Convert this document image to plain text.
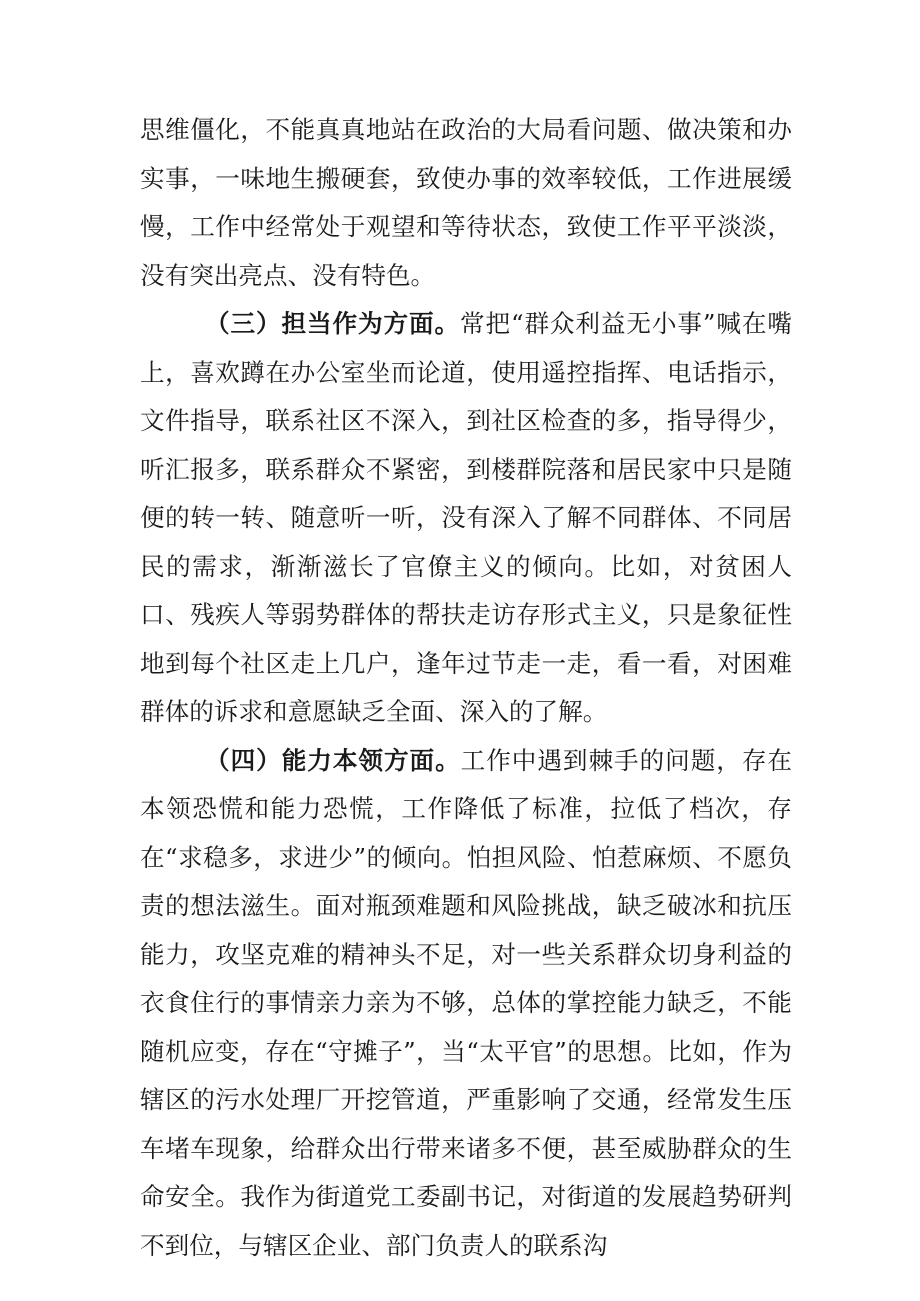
思维僵化，不能真真地站在政治的大局看问题、做决策和办实事，一味地生搬硬套，致使办事的效率较低，工作进展缓慢，工作中经常处于观望和等待状态，致使工作平平淡淡，没有突出亮点、没有特色。

（三）担当作为方面。常把“群众利益无小事”喊在嘴上，喜欢蹲在办公室坐而论道，使用遥控指挥、电话指示，文件指导，联系社区不深入，到社区检查的多，指导得少，听汇报多，联系群众不紧密，到楼群院落和居民家中只是随便的转一转、随意听一听，没有深入了解不同群体、不同居民的需求，渐渐滋长了官僚主义的倾向。比如，对贫困人口、残疾人等弱势群体的帮扶走访存形式主义，只是象征性地到每个社区走上几户，逢年过节走一走，看一看，对困难群体的诉求和意愿缺乏全面、深入的了解。

（四）能力本领方面。工作中遇到棘手的问题，存在本领恐慌和能力恐慌，工作降低了标准，拉低了档次，存在“求稳多，求进少”的倾向。怕担风险、怕惹麻烦、不愿负责的想法滋生。面对瓶颈难题和风险挑战，缺乏破冰和抗压能力，攻坚克难的精神头不足，对一些关系群众切身利益的衣食住行的事情亲力亲为不够，总体的掌控能力缺乏，不能随机应变，存在“守摊子”，当“太平官”的思想。比如，作为辖区的污水处理厂开挖管道，严重影响了交通，经常发生压车堵车现象，给群众出行带来诸多不便，甚至威胁群众的生命安全。我作为街道党工委副书记，对街道的发展趋势研判不到位，与辖区企业、部门负责人的联系沟
